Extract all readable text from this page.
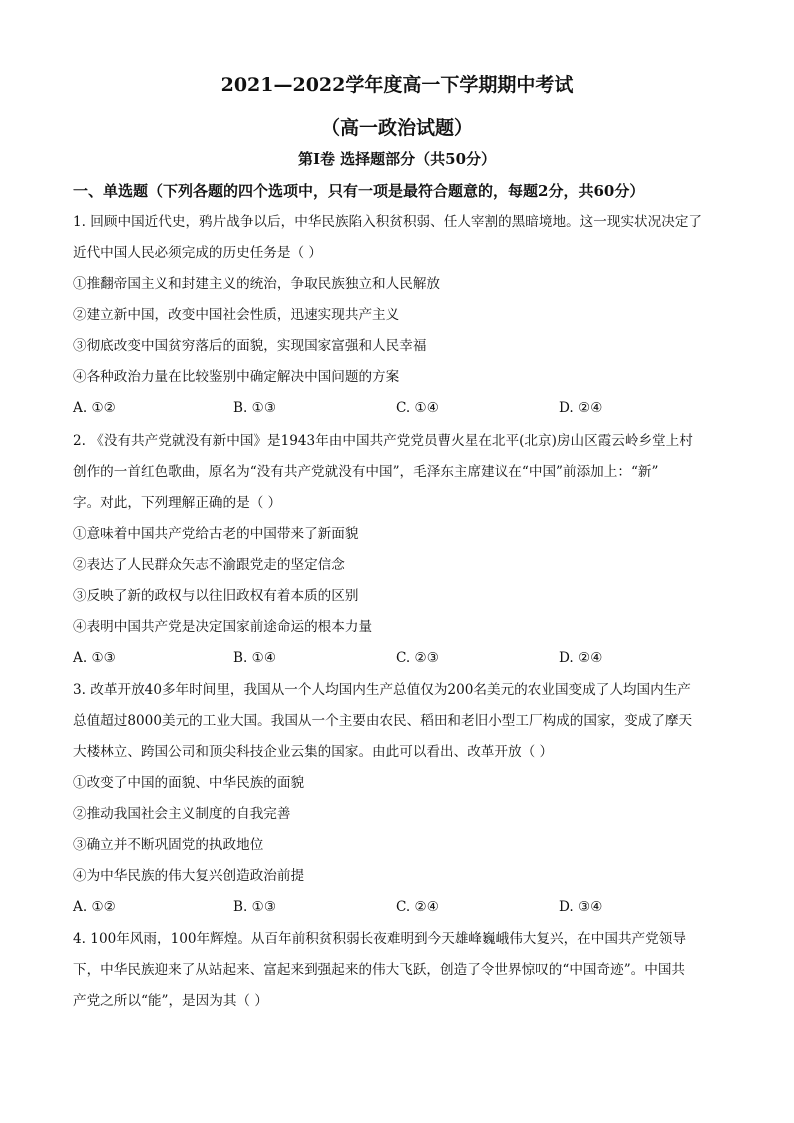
2021—2022学年度高一下学期期中考试
（高一政治试题）
第I卷 选择题部分（共50分）
一、单选题（下列各题的四个选项中，只有一项是最符合题意的，每题2分，共60分）

1. 回顾中国近代史，鸦片战争以后，中华民族陷入积贫积弱、任人宰割的黑暗境地。这一现实状况决定了

近代中国人民必须完成的历史任务是（ ）

①推翻帝国主义和封建主义的统治，争取民族独立和人民解放

②建立新中国，改变中国社会性质，迅速实现共产主义

③彻底改变中国贫穷落后的面貌，实现国家富强和人民幸福

④各种政治力量在比较鉴别中确定解决中国问题的方案

A. ①②	B. ①③	C. ①④	D. ②④

2. 《没有共产党就没有新中国》是1943年由中国共产党党员曹火星在北平(北京)房山区霞云岭乡堂上村

创作的一首红色歌曲，原名为“没有共产党就没有中国”，毛泽东主席建议在“中国”前添加上：“新”

字。对此，下列理解正确的是（ ）

①意味着中国共产党给古老的中国带来了新面貌

②表达了人民群众矢志不渝跟党走的坚定信念

③反映了新的政权与以往旧政权有着本质的区别

④表明中国共产党是决定国家前途命运的根本力量

A. ①③	B. ①④	C. ②③	D. ②④

3. 改革开放40多年时间里，我国从一个人均国内生产总值仅为200名美元的农业国变成了人均国内生产

总值超过8000美元的工业大国。我国从一个主要由农民、稻田和老旧小型工厂构成的国家，变成了摩天

大楼林立、跨国公司和顶尖科技企业云集的国家。由此可以看出、改革开放（ ）

①改变了中国的面貌、中华民族的面貌

②推动我国社会主义制度的自我完善

③确立并不断巩固党的执政地位

④为中华民族的伟大复兴创造政治前提

A. ①②	B. ①③	C. ②④	D. ③④

4. 100年风雨，100年辉煌。从百年前积贫积弱长夜难明到今天雄峰巍峨伟大复兴，在中国共产党领导

下，中华民族迎来了从站起来、富起来到强起来的伟大飞跃，创造了令世界惊叹的“中国奇迹”。中国共

产党之所以“能”，是因为其（ ）
